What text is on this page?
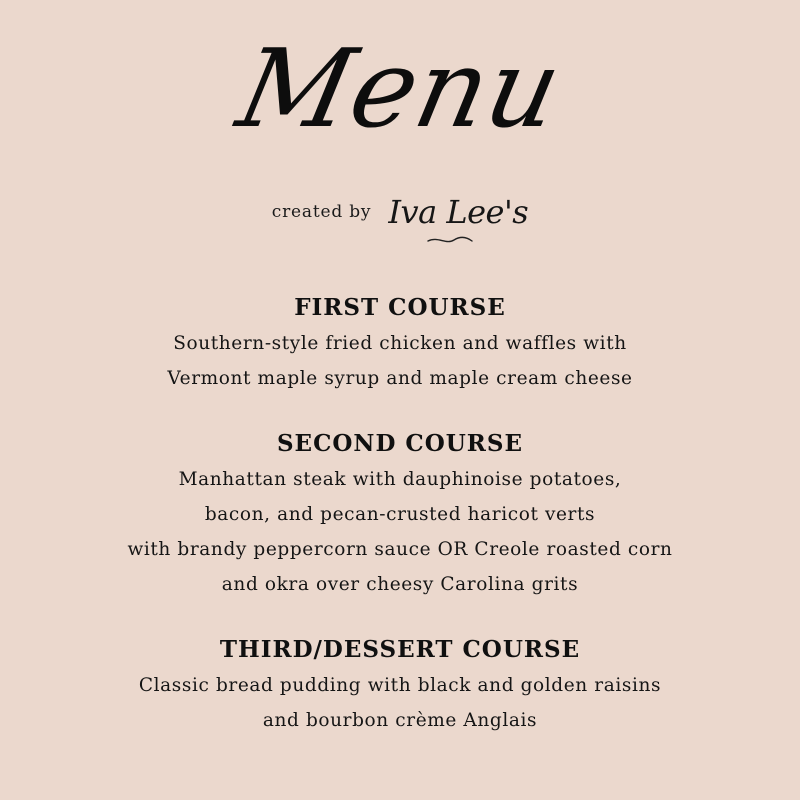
Menu
created by Iva Lee's
FIRST COURSE
Southern-style fried chicken and waffles with
Vermont maple syrup and maple cream cheese
SECOND COURSE
Manhattan steak with dauphinoise potatoes,
bacon, and pecan-crusted haricot verts
with brandy peppercorn sauce OR Creole roasted corn
and okra over cheesy Carolina grits
THIRD/DESSERT COURSE
Classic bread pudding with black and golden raisins
and bourbon crème Anglais
